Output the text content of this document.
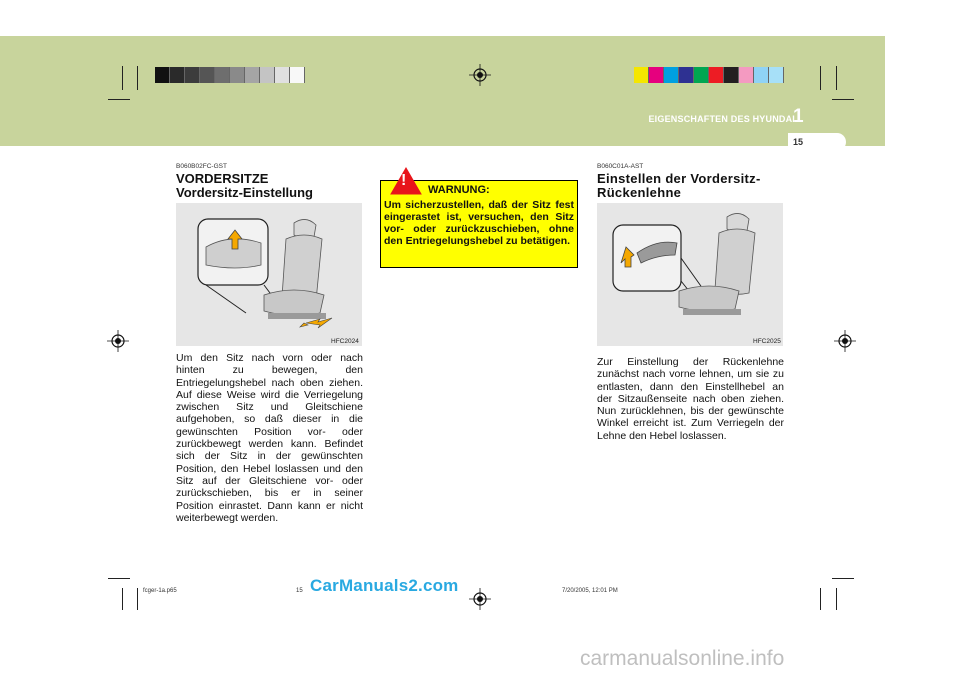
EIGENSCHAFTEN DES HYUNDAI
1
15
B060B02FC-GST
VORDERSITZE
Vordersitz-Einstellung
HFC2024
Um den Sitz nach vorn oder nach hinten zu bewegen, den Entriegelungshebel nach oben ziehen. Auf diese Weise wird die Verriegelung zwischen Sitz und Gleitschiene aufgehoben, so daß dieser in die gewünschten Position vor- oder zurückbewegt werden kann. Befindet sich der Sitz in der gewünschten Position, den Hebel loslassen und den Sitz auf der Gleitschiene vor- oder zurückschieben, bis er in seiner Position einrastet. Dann kann er nicht weiterbewegt werden.
!
WARNUNG:
Um sicherzustellen, daß der Sitz fest eingerastet ist, versuchen, den Sitz vor- oder zurückzuschieben, ohne den Entriegelungshebel zu betätigen.
B060C01A-AST
Einstellen der Vordersitz-Rückenlehne
HFC2025
Zur Einstellung der Rückenlehne zunächst nach vorne lehnen, um sie zu entlasten, dann den Einstellhebel an der Sitzaußenseite nach oben ziehen. Nun zurücklehnen, bis der gewünschte Winkel erreicht ist. Zum Verriegeln der Lehne den Hebel loslassen.
fcger-1a.p65	15	7/20/2005, 12:01 PM
CarManuals2.com
carmanualsonline.info
